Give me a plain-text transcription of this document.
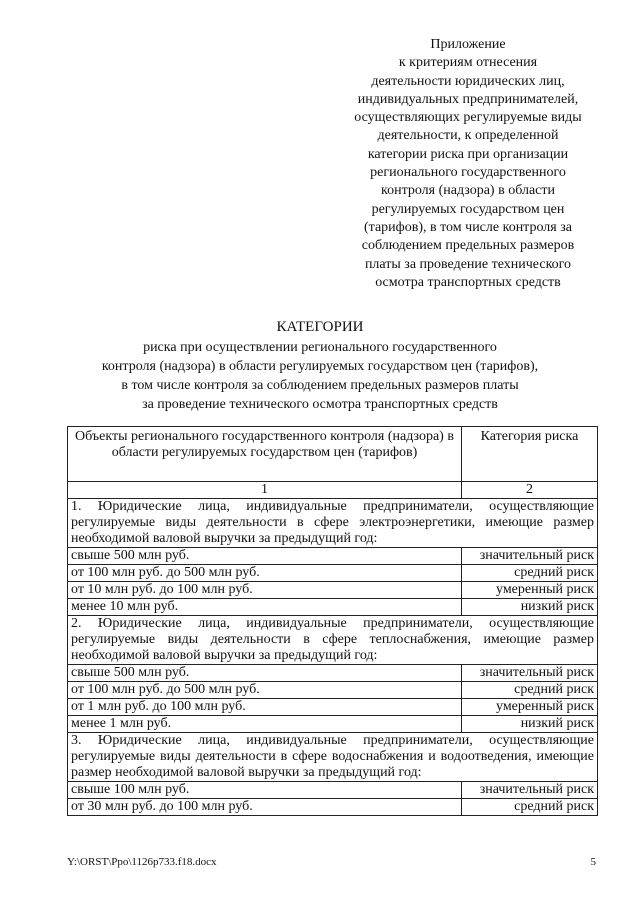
Приложение
к критериям отнесения
деятельности юридических лиц,
индивидуальных предпринимателей,
осуществляющих регулируемые виды
деятельности, к определенной
категории риска при организации
регионального государственного
контроля (надзора) в области
регулируемых государством цен
(тарифов), в том числе контроля за
соблюдением предельных размеров
платы за проведение технического
осмотра транспортных средств
КАТЕГОРИИ
риска при осуществлении регионального государственного
контроля (надзора) в области регулируемых государством цен (тарифов),
в том числе контроля за соблюдением предельных размеров платы
за проведение технического осмотра транспортных средств
Объекты регионального государственного контроля (надзора) в области регулируемых государством цен (тарифов)	Категория риска
1	2
1. Юридические лица, индивидуальные предприниматели, осуществляющие регулируемые виды деятельности в сфере электроэнергетики, имеющие размер необходимой валовой выручки за предыдущий год:	
свыше 500 млн руб.	значительный риск
от 100 млн руб. до 500 млн руб.	средний риск
от 10 млн руб. до 100 млн руб.	умеренный риск
менее 10 млн руб.	низкий риск
2. Юридические лица, индивидуальные предприниматели, осуществляющие регулируемые виды деятельности в сфере теплоснабжения, имеющие размер необходимой валовой выручки за предыдущий год:	
свыше 500 млн руб.	значительный риск
от 100 млн руб. до 500 млн руб.	средний риск
от 1 млн руб. до 100 млн руб.	умеренный риск
менее 1 млн руб.	низкий риск
3. Юридические лица, индивидуальные предприниматели, осуществляющие регулируемые виды деятельности в сфере водоснабжения и водоотведения, имеющие размер необходимой валовой выручки за предыдущий год:	
свыше 100 млн руб.	значительный риск
от 30 млн руб. до 100 млн руб.	средний риск
Y:\ORST\Ppo\1126p733.f18.docx	5
